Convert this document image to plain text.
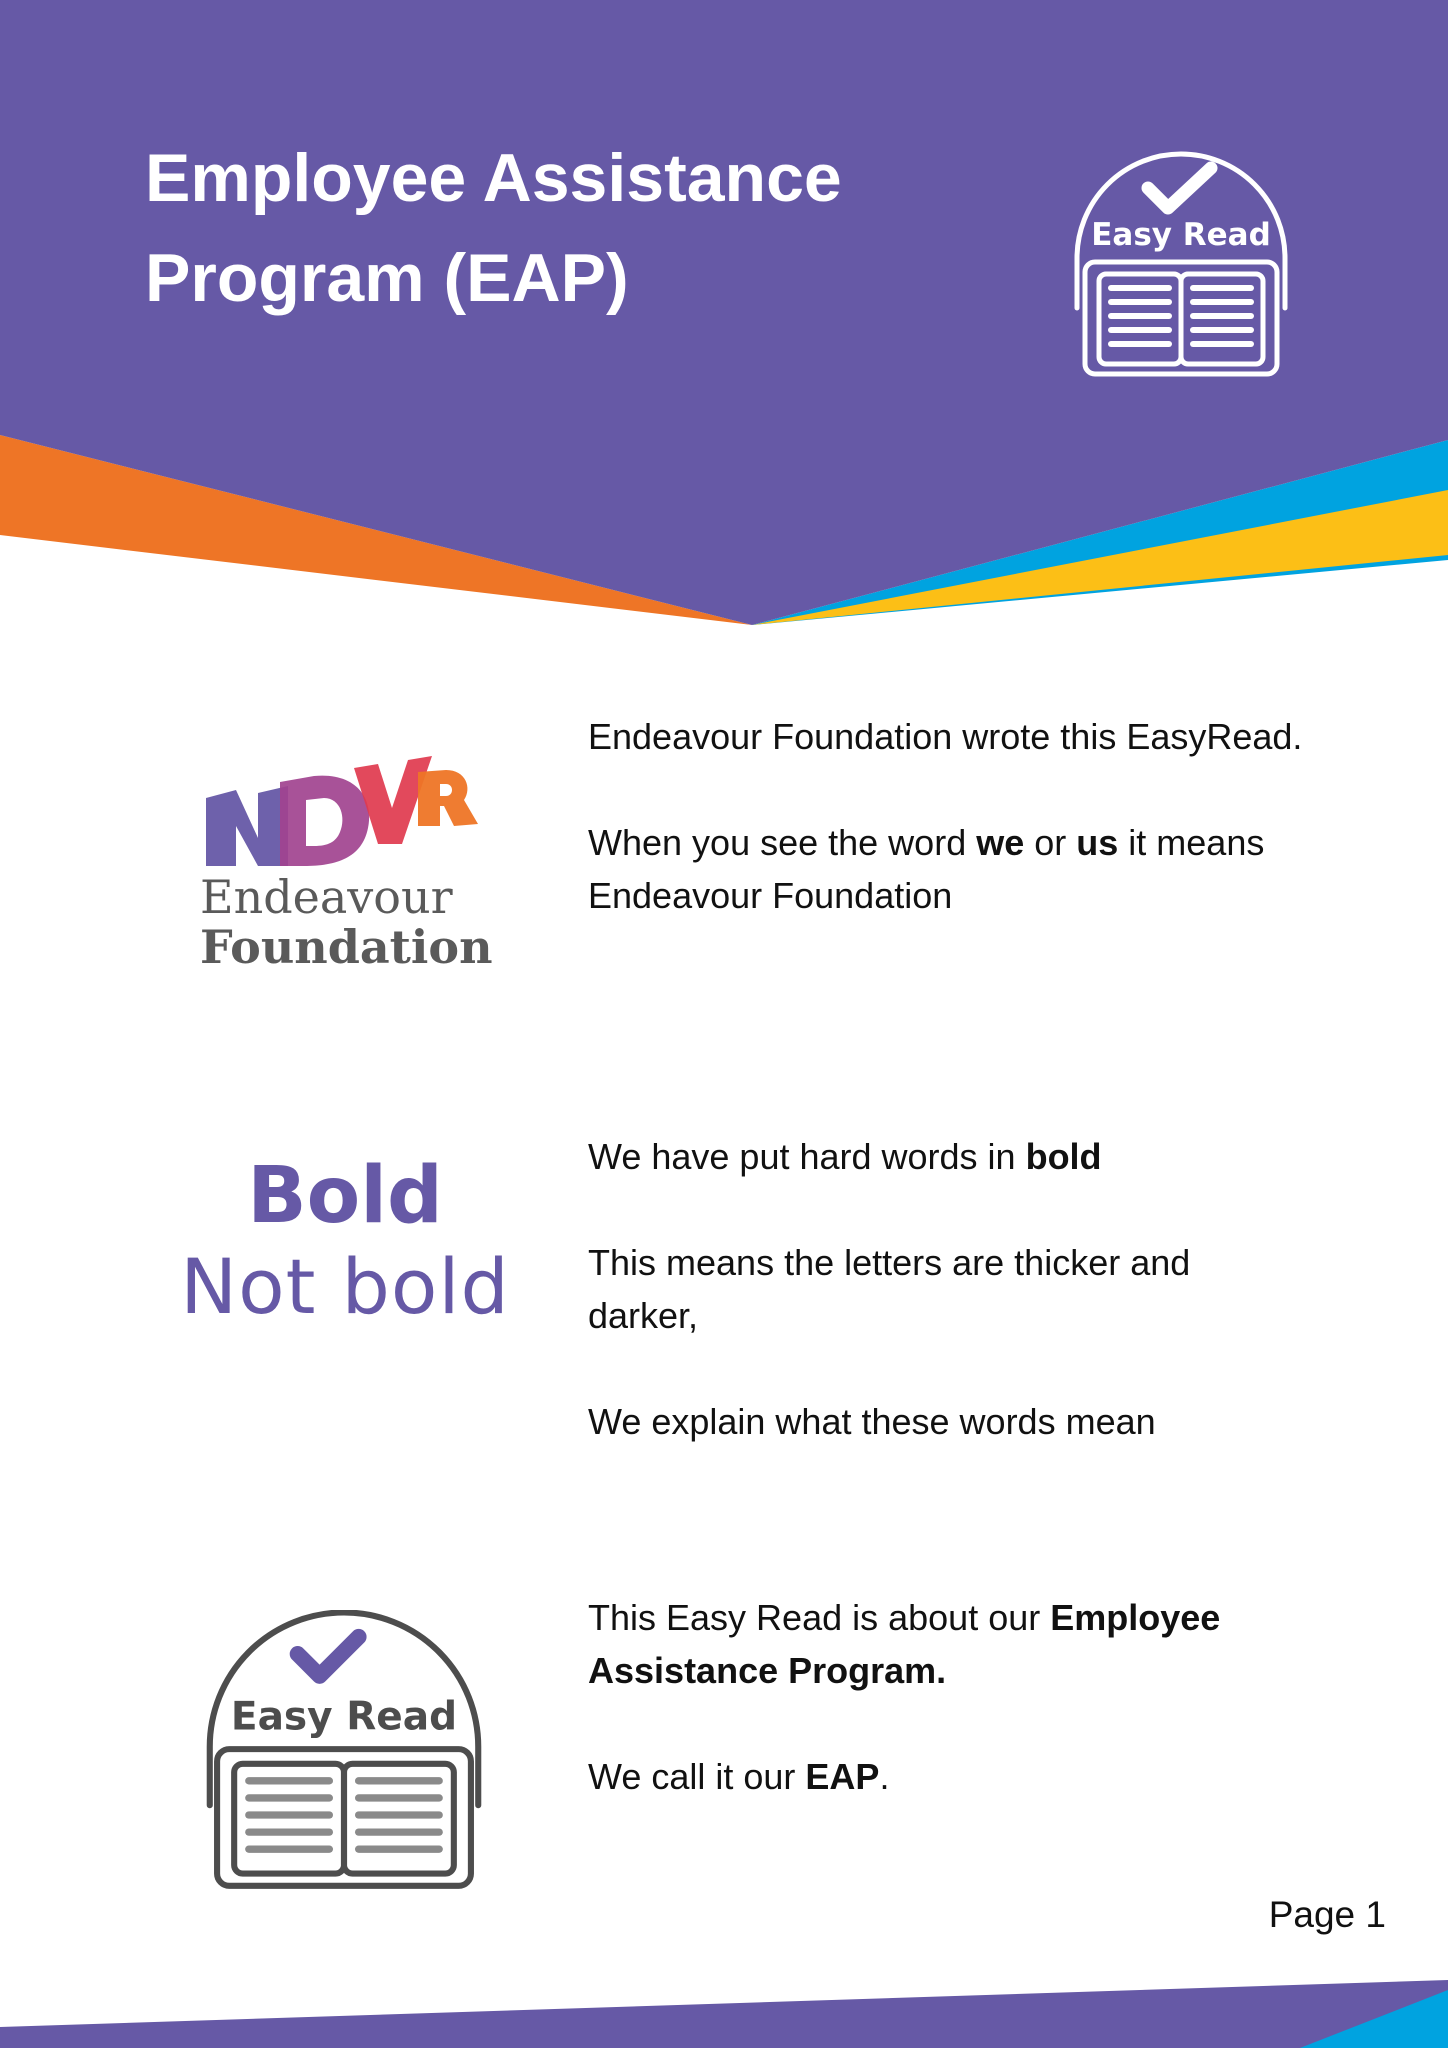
Employee Assistance
Program (EAP)
Easy Read
Endeavour
Foundation

Endeavour Foundation wrote this EasyRead.

When you see the word we or us it means Endeavour Foundation

Bold
Not bold

We have put hard words in bold

This means the letters are thicker and darker,

We explain what these words mean

Easy Read

This Easy Read is about our Employee Assistance Program.

We call it our EAP.

Page 1
